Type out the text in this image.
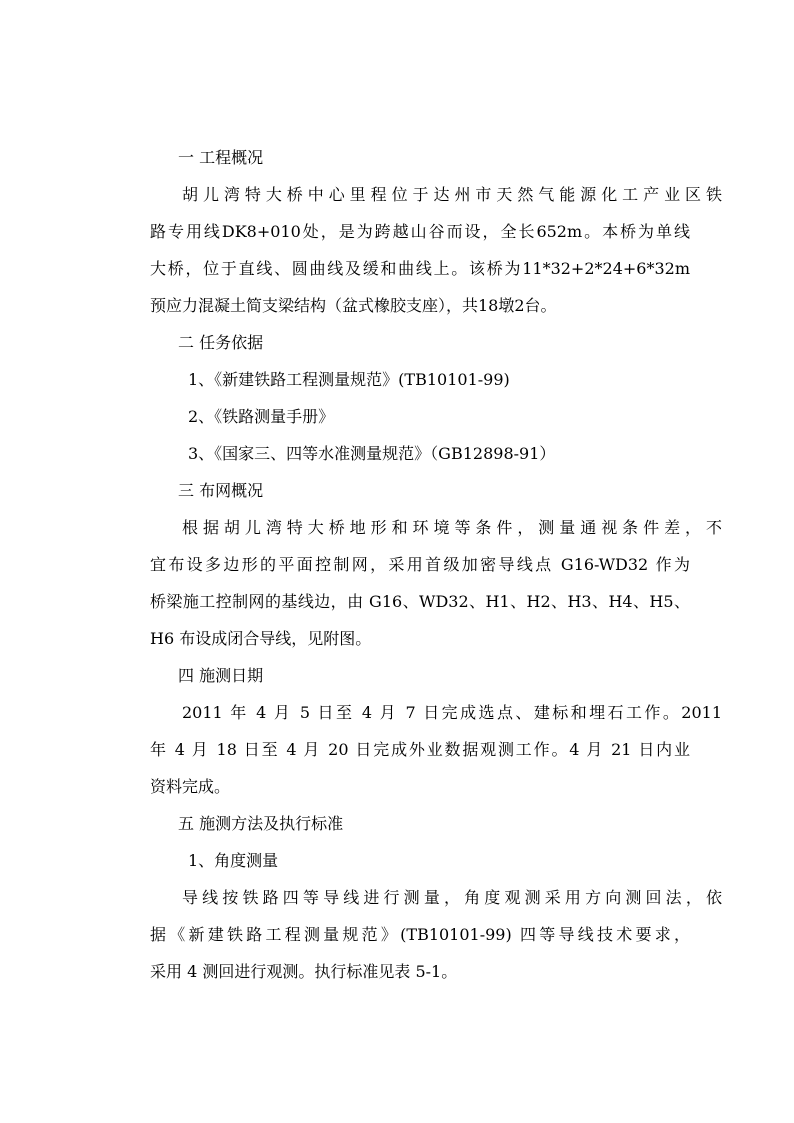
一 工程概况
胡儿湾特大桥中心里程位于达州市天然气能源化工产业区铁
路专用线DK8+010处，是为跨越山谷而设，全长652m。本桥为单线
大桥，位于直线、圆曲线及缓和曲线上。该桥为11*32+2*24+6*32m
预应力混凝土简支梁结构（盆式橡胶支座），共18墩2台。
二 任务依据
1、《新建铁路工程测量规范》(TB10101-99)
2、《铁路测量手册》
3、《国家三、四等水准测量规范》（GB12898-91）
三 布网概况
根据胡儿湾特大桥地形和环境等条件，测量通视条件差，不
宜布设多边形的平面控制网，采用首级加密导线点 G16-WD32 作为
桥梁施工控制网的基线边，由 G16、WD32、H1、H2、H3、H4、H5、
H6 布设成闭合导线，见附图。
四 施测日期
2011 年 4 月 5 日至 4 月 7 日完成选点、建标和埋石工作。2011
年 4 月 18 日至 4 月 20 日完成外业数据观测工作。4 月 21 日内业
资料完成。
五 施测方法及执行标准
1、角度测量
导线按铁路四等导线进行测量，角度观测采用方向测回法，依
据《新建铁路工程测量规范》(TB10101-99) 四等导线技术要求，
采用 4 测回进行观测。执行标准见表 5-1。
